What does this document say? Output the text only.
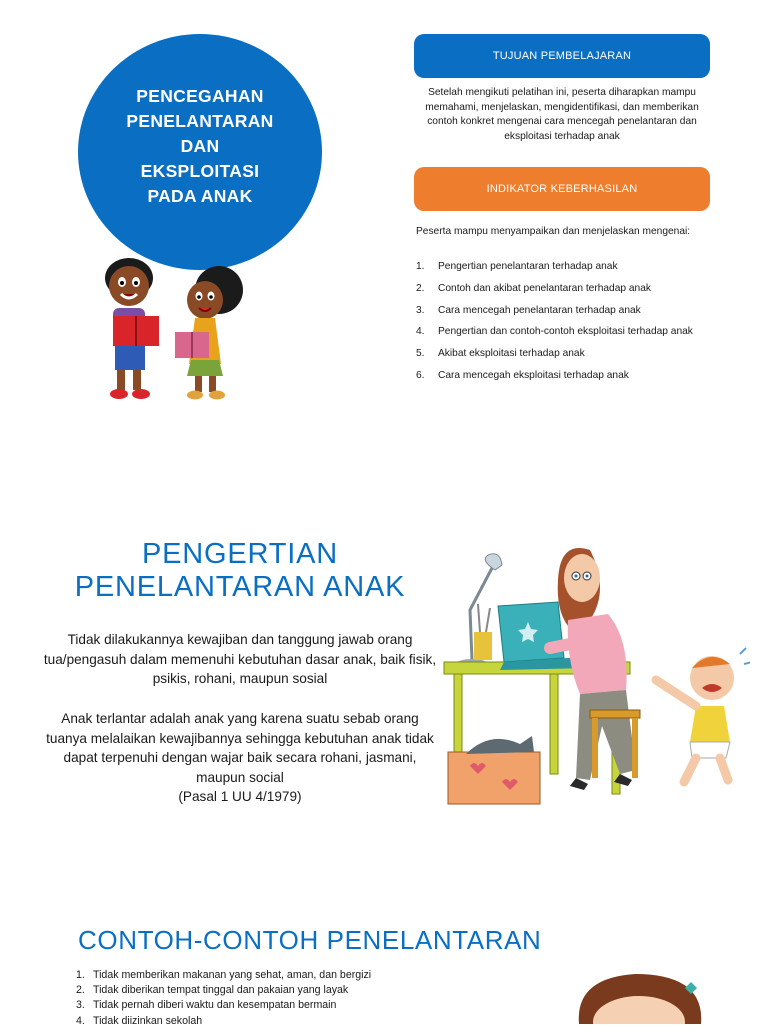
PENCEGAHAN
PENELANTARAN
DAN
EKSPLOITASI
PADA ANAK
TUJUAN PEMBELAJARAN
Setelah mengikuti pelatihan ini, peserta diharapkan mampu memahami, menjelaskan, mengidentifikasi, dan memberikan contoh konkret mengenai cara mencegah penelantaran dan eksploitasi terhadap anak
INDIKATOR KEBERHASILAN
Peserta mampu menyampaikan dan menjelaskan mengenai:
1.	Pengertian penelantaran terhadap anak
2.	Contoh dan akibat penelantaran terhadap anak
3.	Cara mencegah penelantaran terhadap anak
4.	Pengertian dan contoh-contoh eksploitasi terhadap anak
5.	Akibat eksploitasi terhadap anak
6.	Cara mencegah eksploitasi terhadap anak
PENGERTIAN
PENELANTARAN ANAK
Tidak dilakukannya kewajiban dan tanggung jawab orang tua/pengasuh dalam memenuhi kebutuhan dasar anak, baik fisik, psikis, rohani, maupun sosial
Anak terlantar adalah anak yang karena suatu sebab orang tuanya melalaikan kewajibannya sehingga kebutuhan anak tidak dapat terpenuhi dengan wajar baik secara rohani, jasmani, maupun social
(Pasal 1 UU 4/1979)
CONTOH-CONTOH PENELANTARAN
1. Tidak memberikan makanan yang sehat, aman, dan bergizi
2. Tidak diberikan tempat tinggal dan pakaian yang layak
3. Tidak pernah diberi waktu dan kesempatan bermain
4. Tidak diizinkan sekolah
